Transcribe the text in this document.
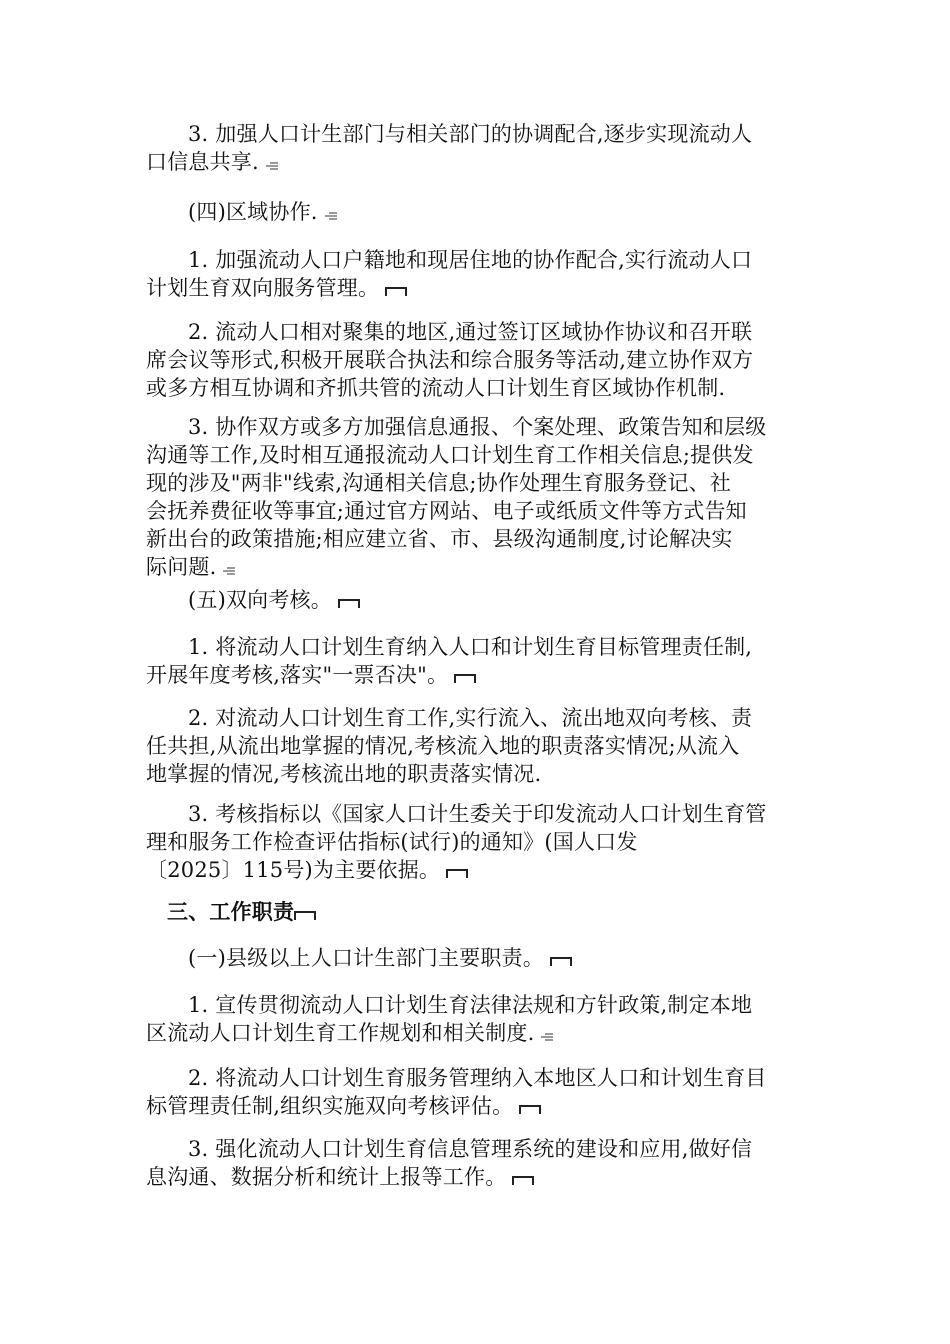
3. 加强人口计生部门与相关部门的协调配合,逐步实现流动人
口信息共享.
(四)区域协作.
1. 加强流动人口户籍地和现居住地的协作配合,实行流动人口
计划生育双向服务管理。
2. 流动人口相对聚集的地区,通过签订区域协作协议和召开联
席会议等形式,积极开展联合执法和综合服务等活动,建立协作双方
或多方相互协调和齐抓共管的流动人口计划生育区域协作机制.
3. 协作双方或多方加强信息通报、个案处理、政策告知和层级
沟通等工作,及时相互通报流动人口计划生育工作相关信息;提供发
现的涉及"两非"线索,沟通相关信息;协作处理生育服务登记、社
会抚养费征收等事宜;通过官方网站、电子或纸质文件等方式告知
新出台的政策措施;相应建立省、市、县级沟通制度,讨论解决实
际问题.
(五)双向考核。
1. 将流动人口计划生育纳入人口和计划生育目标管理责任制,
开展年度考核,落实"一票否决"。
2. 对流动人口计划生育工作,实行流入、流出地双向考核、责
任共担,从流出地掌握的情况,考核流入地的职责落实情况;从流入
地掌握的情况,考核流出地的职责落实情况.
3. 考核指标以《国家人口计生委关于印发流动人口计划生育管
理和服务工作检查评估指标(试行)的通知》(国人口发
〔2025〕115号)为主要依据。
三、工作职责
(一)县级以上人口计生部门主要职责。
1. 宣传贯彻流动人口计划生育法律法规和方针政策,制定本地
区流动人口计划生育工作规划和相关制度.
2. 将流动人口计划生育服务管理纳入本地区人口和计划生育目
标管理责任制,组织实施双向考核评估。
3. 强化流动人口计划生育信息管理系统的建设和应用,做好信
息沟通、数据分析和统计上报等工作。
